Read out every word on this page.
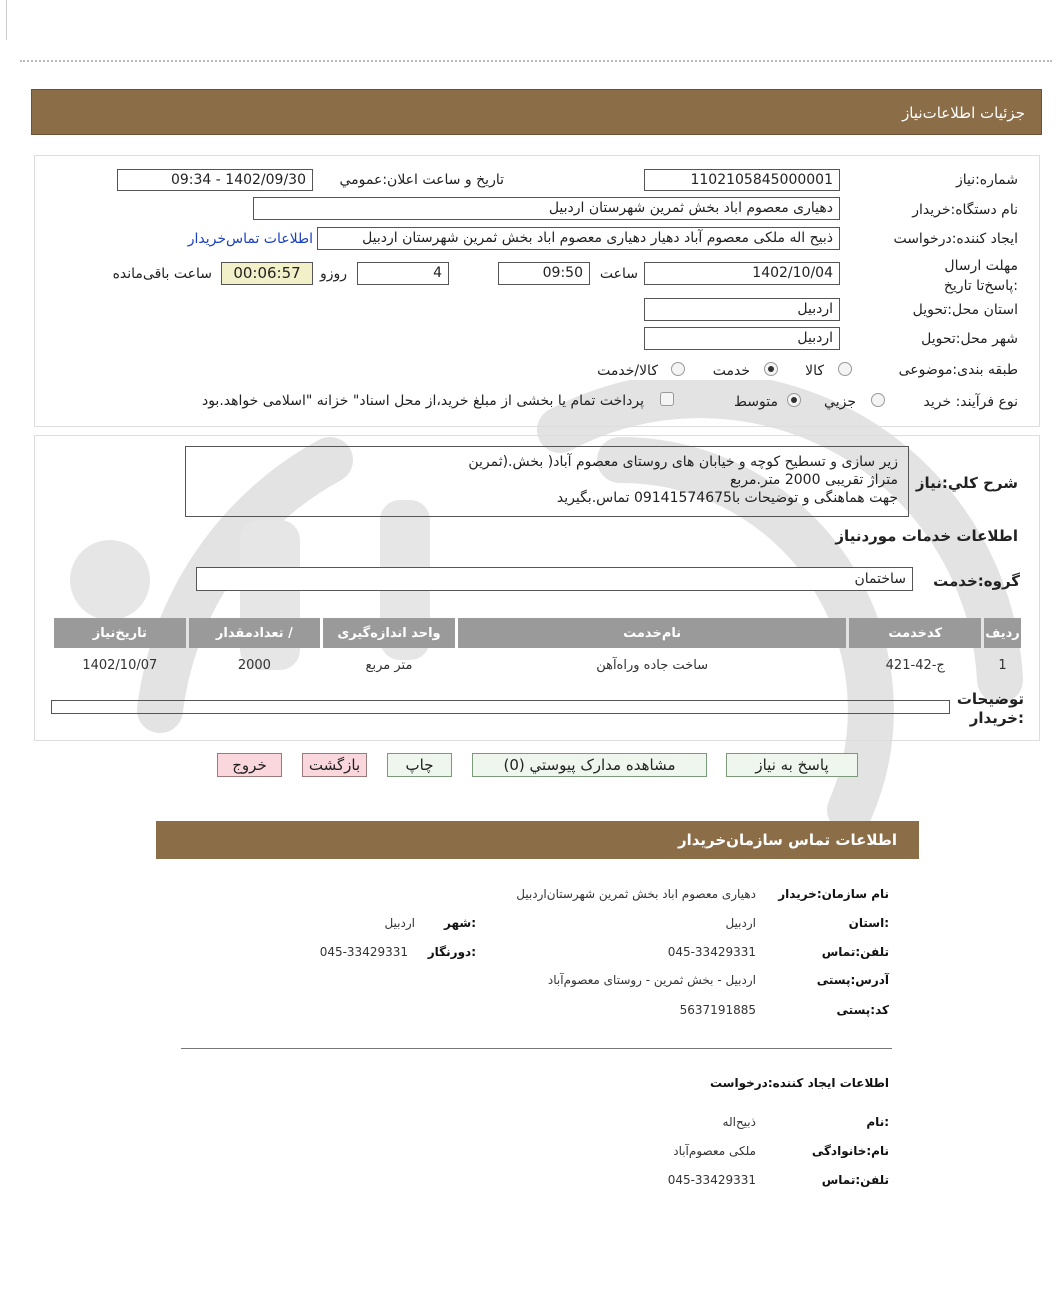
جزئیات اطلاعات‌نیاز
شماره:نیاز
1102105845000001
تاریخ و ساعت اعلان:عمومي
1402/09/30 - 09:34
نام دستگاه:خریدار
دهیاری معصوم اباد بخش ثمرین شهرستان اردبیل
ایجاد کننده:درخواست
ذبیح اله ملکی معصوم آباد دهیار دهیاری معصوم اباد بخش ثمرین شهرستان اردبیل
اطلاعات تماس‌خریدار
مهلت ارسال :پاسخ‌تا تاریخ
1402/10/04
ساعت
09:50
4
روزو
00:06:57
ساعت باقی‌مانده
استان محل:تحویل
اردبیل
شهر محل:تحویل
اردبیل
طبقه بندی:موضوعی
کالا
خدمت
کالا/خدمت
نوع فرآیند: خرید
جزيي
متوسط
پرداخت تمام یا بخشی از مبلغ خرید،از محل اسناد" خزانه "اسلامی خواهد.بود
شرح کلي:نیاز
زیر سازی و تسطیح کوچه و خیابان های روستای معصوم آباد( بخش.(ثمرین
متراژ تقریبی 2000 متر.مربع
جهت هماهنگی و توضیحات با09141574675 تماس.بگیرید
اطلاعات خدمات موردنیاز
گروه:خدمت
ساختمان
ردیف	کدخدمت	نام‌خدمت	واحد اندازه‌گیری	/ تعدادمقدار	تاریخ‌نیاز
1	ج-42-421	ساخت جاده وراه‌آهن	متر مربع	2000	1402/10/07
توضیحات :خریدار
پاسخ به نیاز
مشاهده مدارک پیوستي (0)
چاپ
بازگشت
خروج
اطلاعات تماس سازمان‌خریدار
نام سازمان:خریدار
دهیاری معصوم اباد بخش ثمرین شهرستان‌اردبیل
:استان
اردبیل
:شهر
اردبیل
تلفن:تماس
045-33429331
:دورنگار
045-33429331
آدرس:پستی
اردبیل - بخش ثمرین - روستای معصوم‌آباد
کد:پستی
5637191885
اطلاعات ایجاد کننده:درخواست
:نام
ذبیح‌اله
نام:خانوادگی
ملکی معصوم‌آباد
تلفن:تماس
045-33429331
